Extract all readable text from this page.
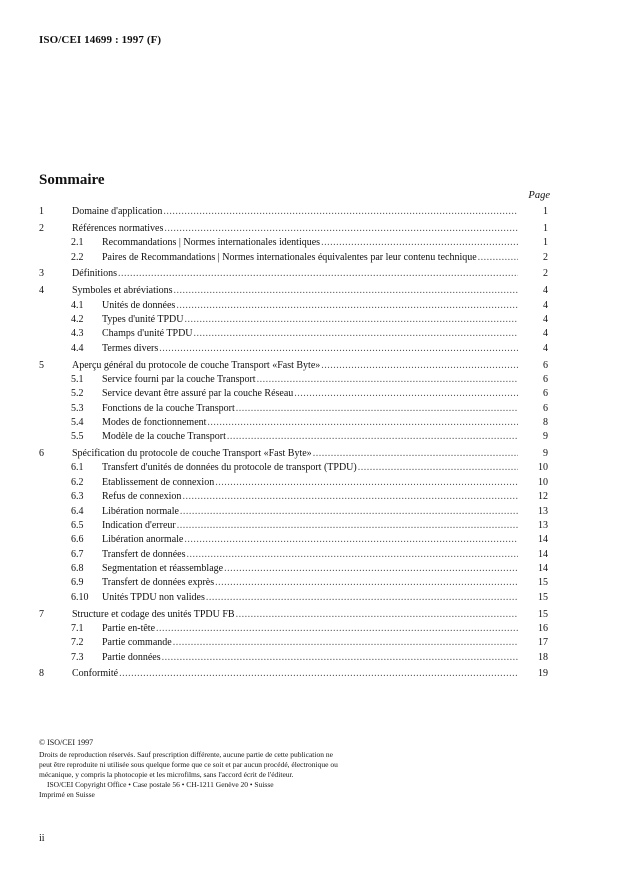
ISO/CEI 14699 : 1997 (F)
Sommaire
Page
1	Domaine d'application .....	1
2	Références normatives .....	1
2.1 Recommandations | Normes internationales identiques .....	1
2.2 Paires de Recommandations | Normes internationales équivalentes par leur contenu technique .....	2
3	Définitions .....	2
4	Symboles et abréviations .....	4
4.1 Unités de données .....	4
4.2 Types d'unité TPDU .....	4
4.3 Champs d'unité TPDU .....	4
4.4 Termes divers .....	4
5	Aperçu général du protocole de couche Transport «Fast Byte» .....	6
5.1 Service fourni par la couche Transport .....	6
5.2 Service devant être assuré par la couche Réseau .....	6
5.3 Fonctions de la couche Transport .....	6
5.4 Modes de fonctionnement .....	8
5.5 Modèle de la couche Transport .....	9
6	Spécification du protocole de couche Transport «Fast Byte» .....	9
6.1 Transfert d'unités de données du protocole de transport (TPDU) .....	10
6.2 Etablissement de connexion .....	10
6.3 Refus de connexion .....	12
6.4 Libération normale .....	13
6.5 Indication d'erreur .....	13
6.6 Libération anormale .....	14
6.7 Transfert de données .....	14
6.8 Segmentation et réassemblage .....	14
6.9 Transfert de données exprès .....	15
6.10 Unités TPDU non valides .....	15
7	Structure et codage des unités TPDU FB .....	15
7.1 Partie en-tête .....	16
7.2 Partie commande .....	17
7.3 Partie données .....	18
8	Conformité .....	19
© ISO/CEI 1997
Droits de reproduction réservés. Sauf prescription différente, aucune partie de cette publication ne
peut être reproduite ni utilisée sous quelque forme que ce soit et par aucun procédé, électronique ou
mécanique, y compris la photocopie et les microfilms, sans l'accord écrit de l'éditeur.
ISO/CEI Copyright Office • Case postale 56 • CH-1211 Genève 20 • Suisse
Imprimé en Suisse
ii
